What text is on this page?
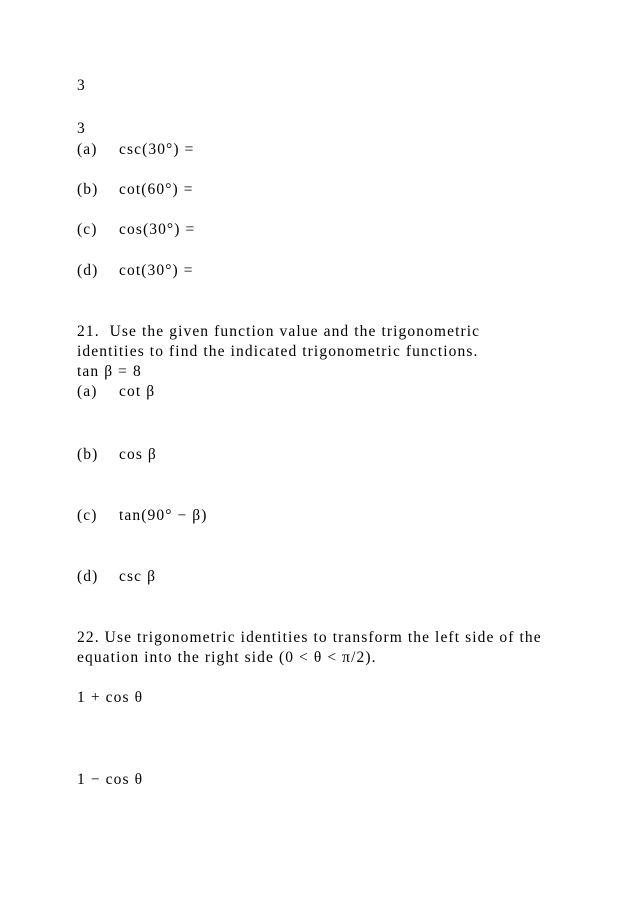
3
3
(a) csc(30°) =
(b) cot(60°) =
(c) cos(30°) =
(d) cot(30°) =
21.  Use the given function value and the trigonometric
identities to find the indicated trigonometric functions.
tan β = 8
(a) cot β
(b) cos β
(c) tan(90° − β)
(d) csc β
22. Use trigonometric identities to transform the left side of the
equation into the right side (0 < θ < π/2).
1 + cos θ
1 − cos θ
